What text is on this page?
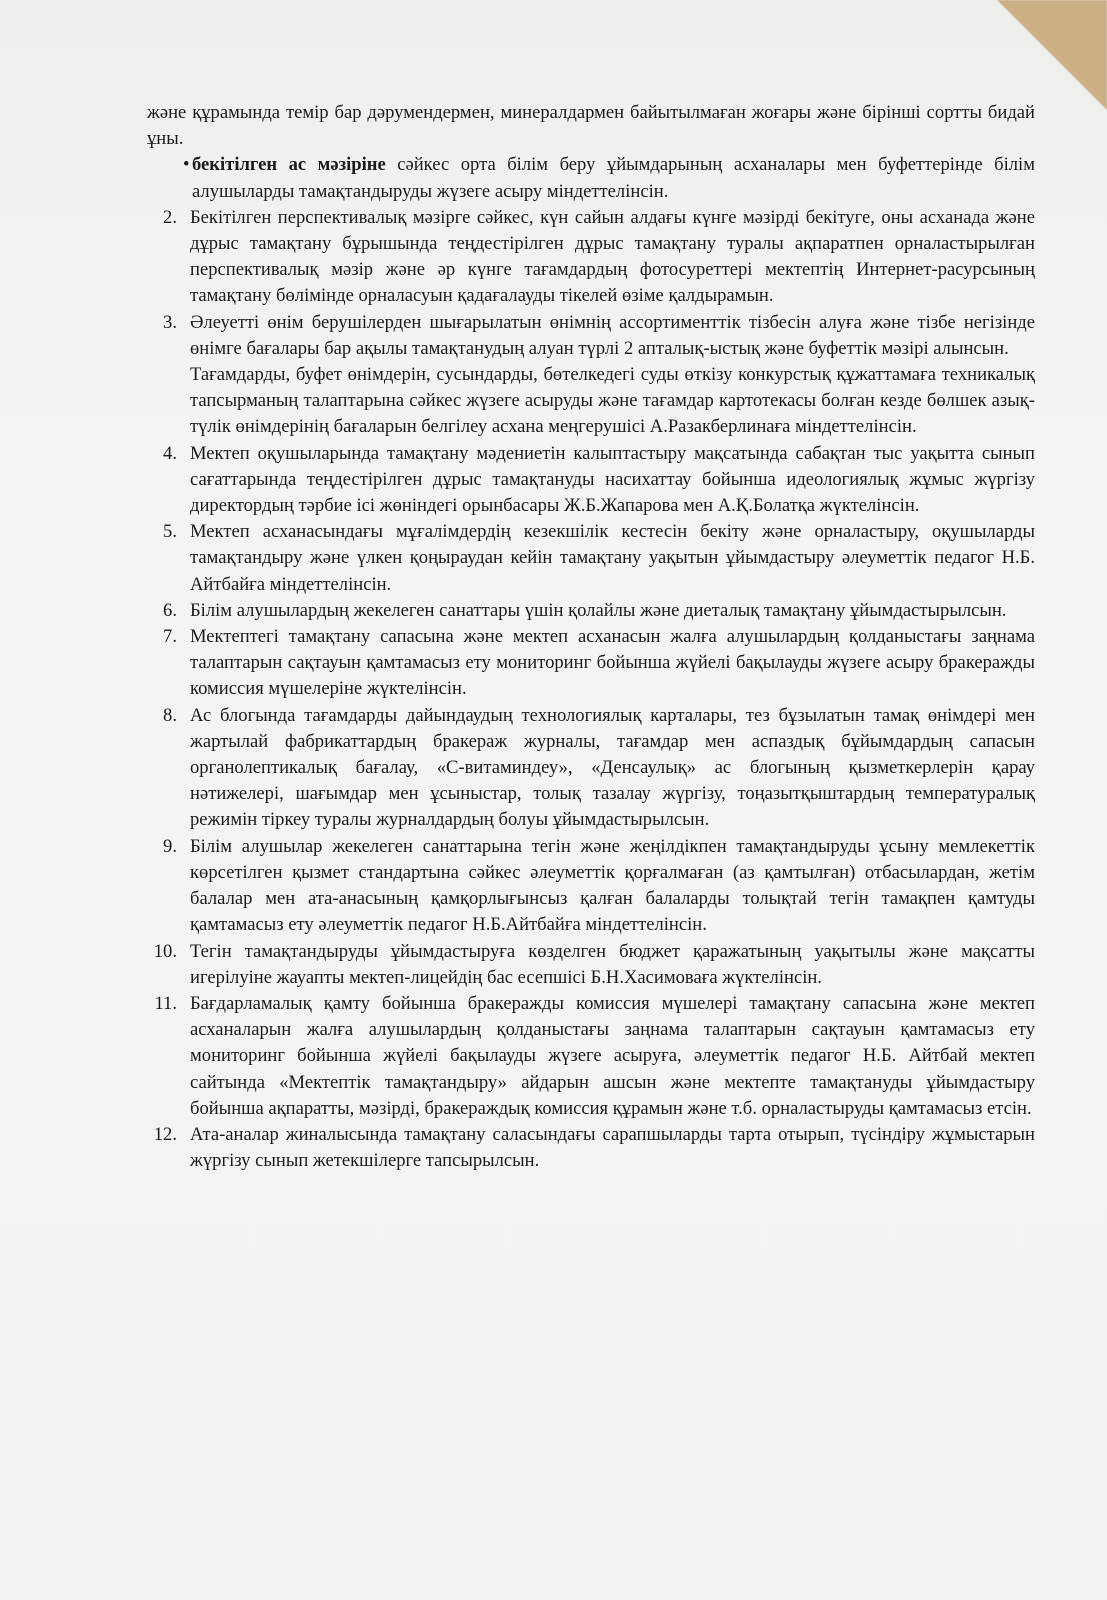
және құрамында темір бар дәрумендермен, минералдармен байытылмаған жоғары және бірінші сортты бидай ұны.

• бекітілген ас мәзіріне сәйкес орта білім беру ұйымдарының асханалары мен буфеттерінде білім алушыларды тамақтандыруды жүзеге асыру міндеттелінсін.

2. Бекітілген перспективалық мәзірге сәйкес, күн сайын алдағы күнге мәзірді бекітуге, оны асханада және дұрыс тамақтану бұрышында теңдестірілген дұрыс тамақтану туралы ақпаратпен орналастырылған перспективалық мәзір және әр күнге тағамдардың фотосуреттері мектептің Интернет-расурсының тамақтану бөлімінде орналасуын қадағалауды тікелей өзіме қалдырамын.

3. Әлеуетті өнім берушілерден шығарылатын өнімнің ассортименттік тізбесін алуға және тізбе негізінде өнімге бағалары бар ақылы тамақтанудың алуан түрлі 2 апталық-ыстық және буфеттік мәзірі алынсын.

Тағамдарды, буфет өнімдерін, сусындарды, бөтелкедегі суды өткізу конкурстық құжаттамаға техникалық тапсырманың талаптарына сәйкес жүзеге асыруды және тағамдар картотекасы болған кезде бөлшек азық-түлік өнімдерінің бағаларын белгілеу асхана меңгерушісі А.Разакберлинаға міндеттелінсін.

4. Мектеп оқушыларында тамақтану мәдениетін калыптастыру мақсатында сабақтан тыс уақытта сынып сағаттарында теңдестірілген дұрыс тамақтануды насихаттау бойынша идеологиялық жұмыс жүргізу директордың тәрбие ісі жөніндегі орынбасары Ж.Б.Жапарова мен А.Қ.Болатқа жүктелінсін.

5. Мектеп асханасындағы мұғалімдердің кезекшілік кестесін бекіту және орналастыру, оқушыларды тамақтандыру және үлкен қоңыраудан кейін тамақтану уақытын ұйымдастыру әлеуметтік педагог Н.Б. Айтбайға міндеттелінсін.

6. Білім алушылардың жекелеген санаттары үшін қолайлы және диеталық тамақтану ұйымдастырылсын.

7. Мектептегі тамақтану сапасына және мектеп асханасын жалға алушылардың қолданыстағы заңнама талаптарын сақтауын қамтамасыз ету мониторинг бойынша жүйелі бақылауды жүзеге асыру бракеражды комиссия мүшелеріне жүктелінсін.

8. Ас блогында тағамдарды дайындаудың технологиялық карталары, тез бұзылатын тамақ өнімдері мен жартылай фабрикаттардың бракераж журналы, тағамдар мен аспаздық бұйымдардың сапасын органолептикалық бағалау, «С-витаминдеу», «Денсаулық» ас блогының қызметкерлерін қарау нәтижелері, шағымдар мен ұсыныстар, толық тазалау жүргізу, тоңазытқыштардың температуралық режимін тіркеу туралы журналдардың болуы ұйымдастырылсын.

9. Білім алушылар жекелеген санаттарына тегін және жеңілдікпен тамақтандыруды ұсыну мемлекеттік көрсетілген қызмет стандартына сәйкес әлеуметтік қорғалмаған (аз қамтылған) отбасылардан, жетім балалар мен ата-анасының қамқорлығынсыз қалған балаларды толықтай тегін тамақпен қамтуды қамтамасыз ету әлеуметтік педагог Н.Б.Айтбайға міндеттелінсін.

10. Тегін тамақтандыруды ұйымдастыруға көзделген бюджет қаражатының уақытылы және мақсатты игерілуіне жауапты мектеп-лицейдің бас есепшісі Б.Н.Хасимоваға жүктелінсін.

11. Бағдарламалық қамту бойынша бракеражды комиссия мүшелері тамақтану сапасына және мектеп асханаларын жалға алушылардың қолданыстағы заңнама талаптарын сақтауын қамтамасыз ету мониторинг бойынша жүйелі бақылауды жүзеге асыруға, әлеуметтік педагог Н.Б. Айтбай мектеп сайтында «Мектептік тамақтандыру» айдарын ашсын және мектепте тамақтануды ұйымдастыру бойынша ақпаратты, мәзірді, бракераждық комиссия құрамын және т.б. орналастыруды қамтамасыз етсін.

12. Ата-аналар жиналысында тамақтану саласындағы сарапшыларды тарта отырып, түсіндіру жұмыстарын жүргізу сынып жетекшілерге тапсырылсын.
